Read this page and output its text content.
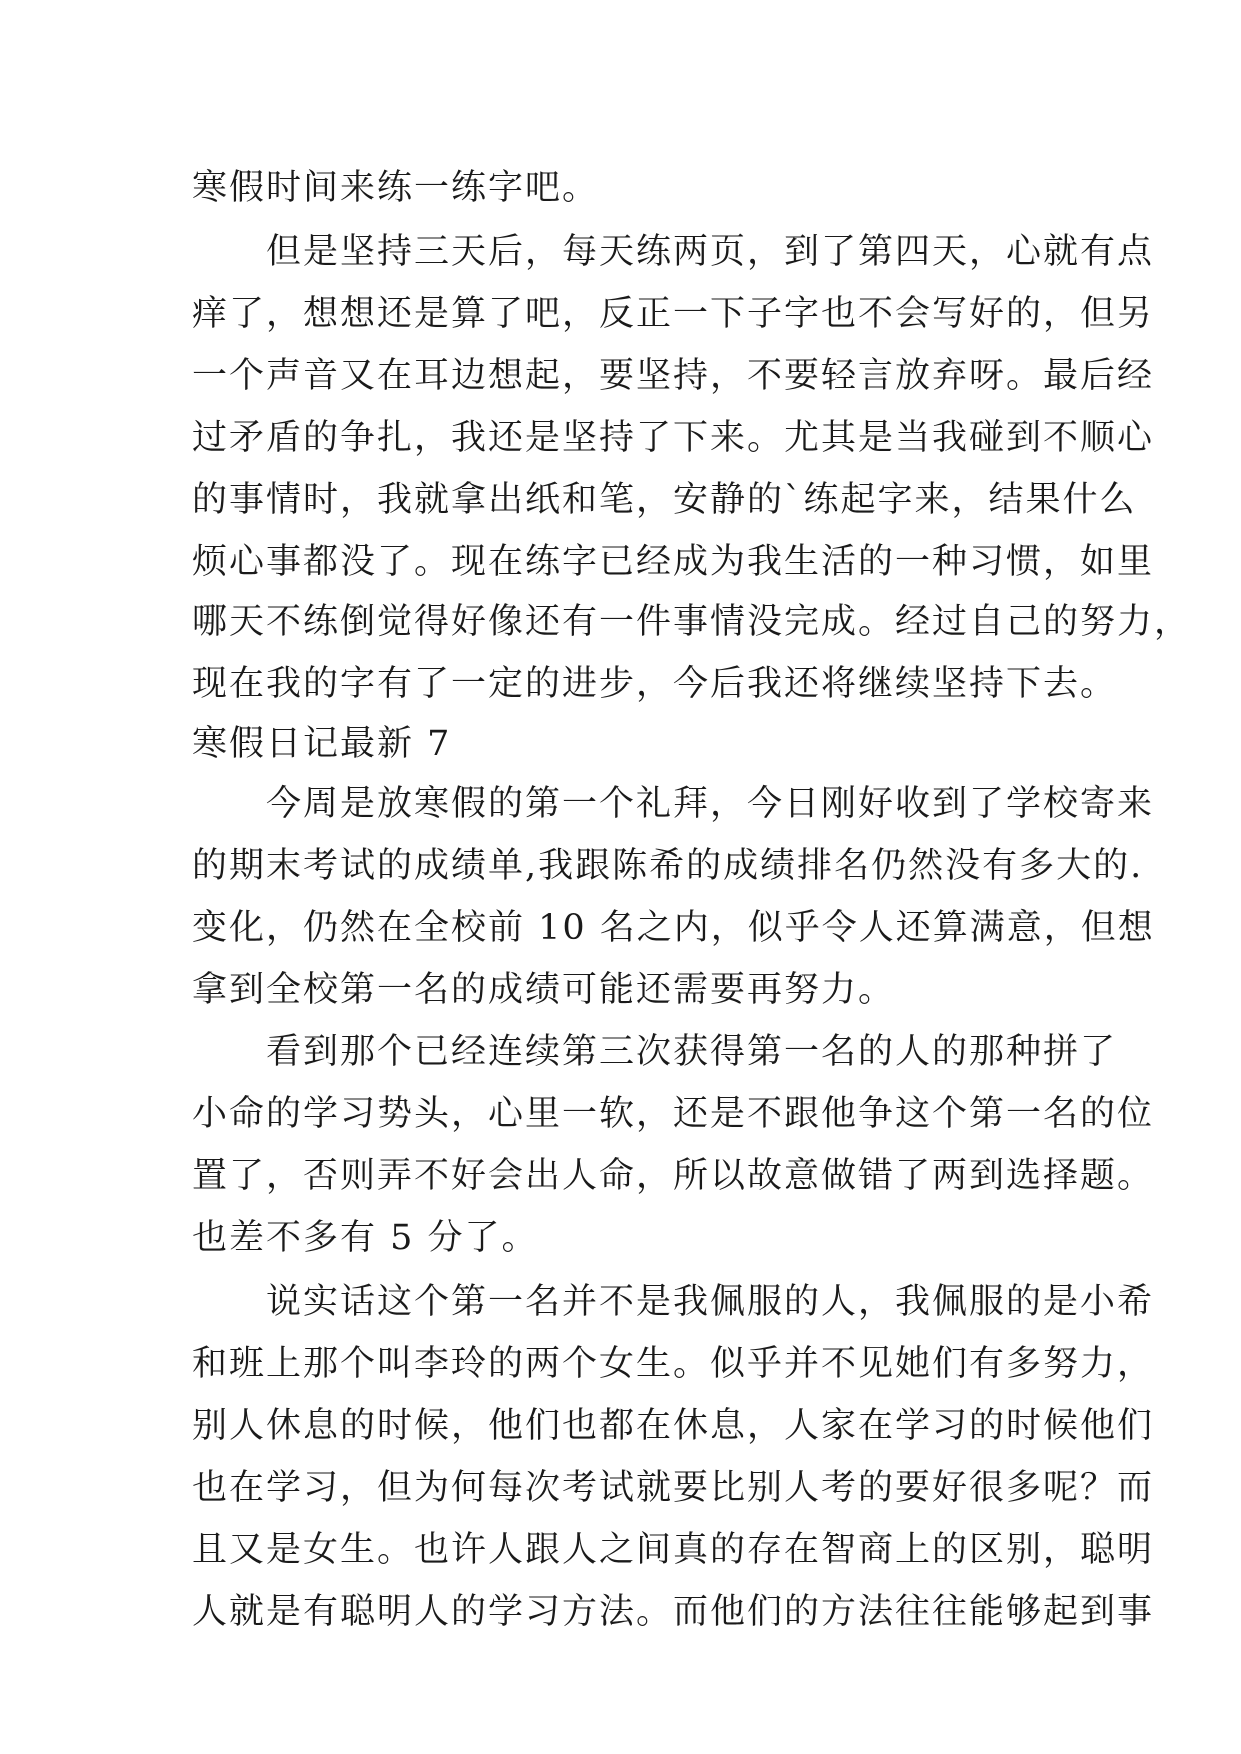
寒假时间来练一练字吧。
　　但是坚持三天后，每天练两页，到了第四天，心就有点
痒了，想想还是算了吧，反正一下子字也不会写好的，但另
一个声音又在耳边想起，要坚持，不要轻言放弃呀。最后经
过矛盾的争扎，我还是坚持了下来。尤其是当我碰到不顺心
的事情时，我就拿出纸和笔，安静的`练起字来，结果什么
烦心事都没了。现在练字已经成为我生活的一种习惯，如里
哪天不练倒觉得好像还有一件事情没完成。经过自己的努力，
现在我的字有了一定的进步，今后我还将继续坚持下去。
寒假日记最新 7
　　今周是放寒假的第一个礼拜，今日刚好收到了学校寄来
的期末考试的成绩单,我跟陈希的成绩排名仍然没有多大的.
变化，仍然在全校前 10 名之内，似乎令人还算满意，但想
拿到全校第一名的成绩可能还需要再努力。
　　看到那个已经连续第三次获得第一名的人的那种拼了
小命的学习势头，心里一软，还是不跟他争这个第一名的位
置了，否则弄不好会出人命，所以故意做错了两到选择题。
也差不多有 5 分了。
　　说实话这个第一名并不是我佩服的人，我佩服的是小希
和班上那个叫李玲的两个女生。似乎并不见她们有多努力，
别人休息的时候，他们也都在休息，人家在学习的时候他们
也在学习，但为何每次考试就要比别人考的要好很多呢？而
且又是女生。也许人跟人之间真的存在智商上的区别，聪明
人就是有聪明人的学习方法。而他们的方法往往能够起到事
